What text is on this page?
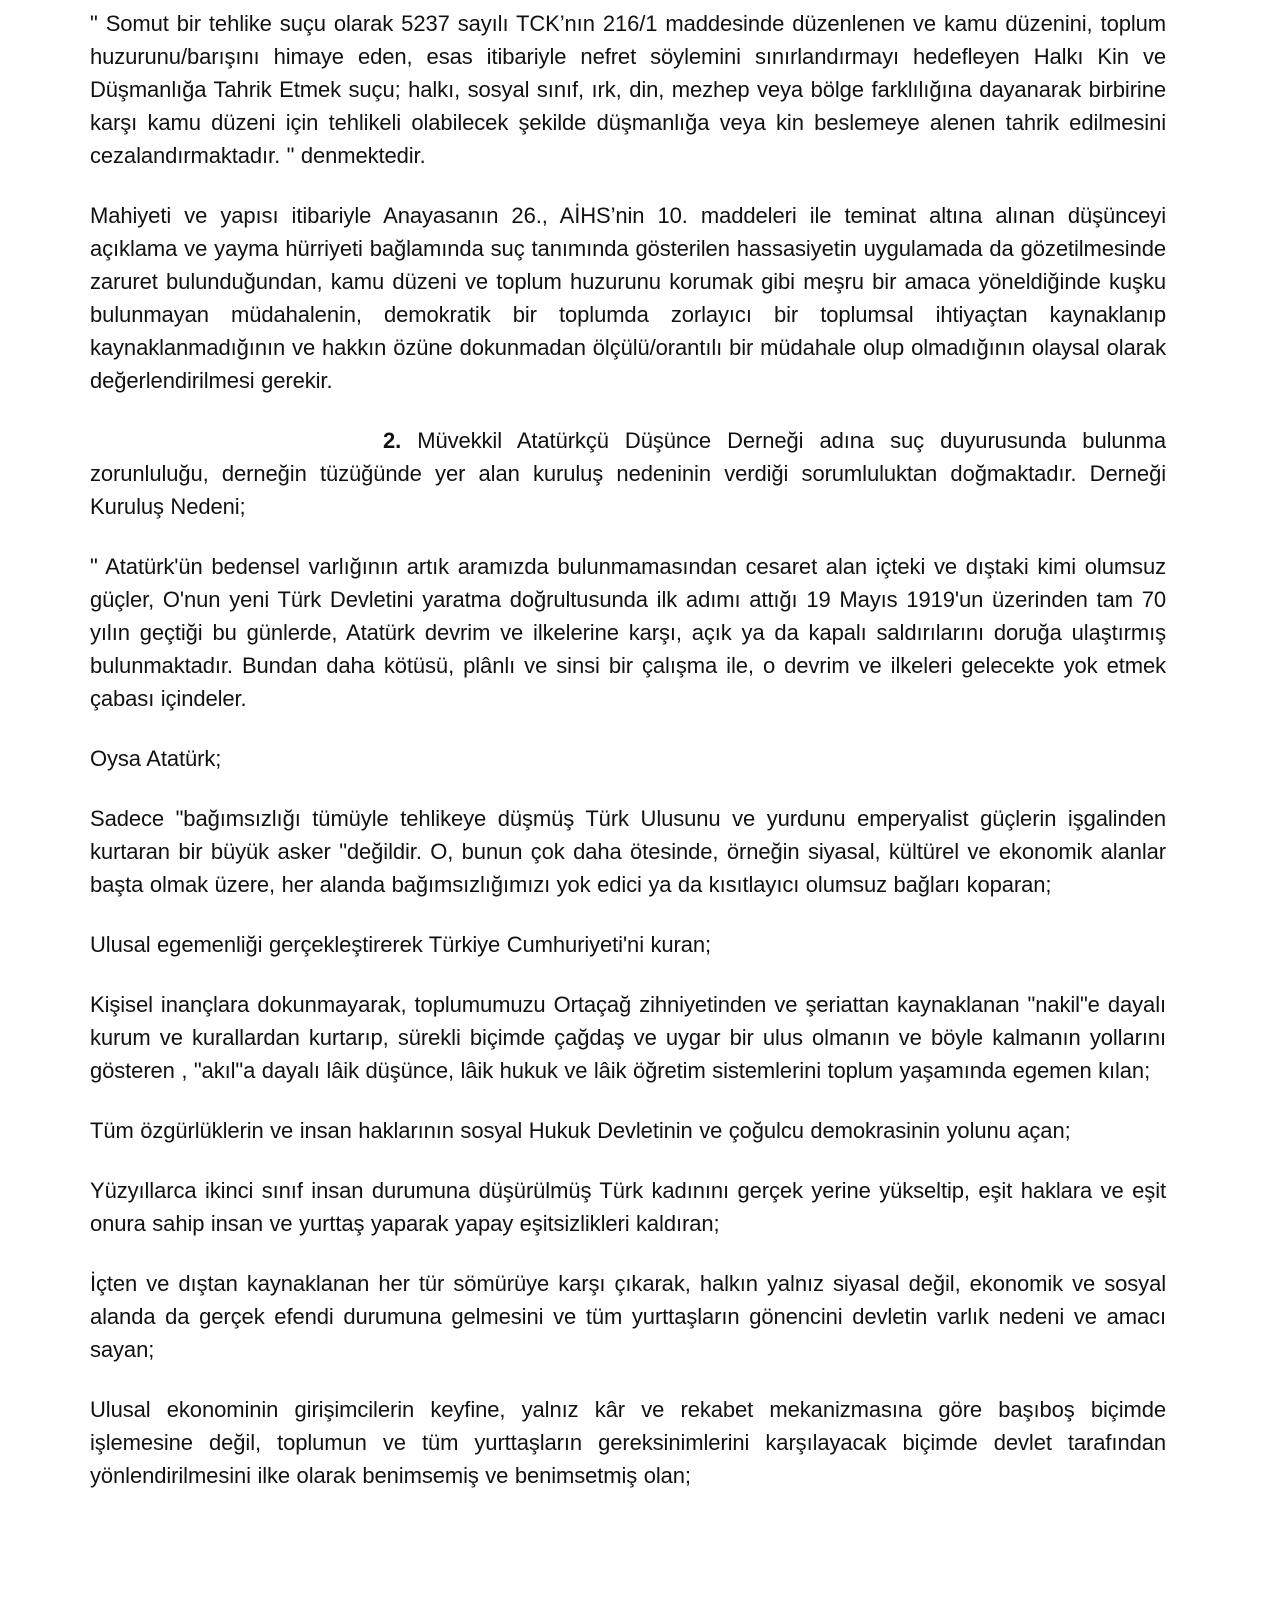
" Somut bir tehlike suçu olarak 5237 sayılı TCK’nın 216/1 maddesinde düzenlenen ve kamu düzenini, toplum huzurunu/barışını himaye eden, esas itibariyle nefret söylemini sınırlandırmayı hedefleyen Halkı Kin ve Düşmanlığa Tahrik Etmek suçu; halkı, sosyal sınıf, ırk, din, mezhep veya bölge farklılığına dayanarak birbirine karşı kamu düzeni için tehlikeli olabilecek şekilde düşmanlığa veya kin beslemeye alenen tahrik edilmesini cezalandırmaktadır. " denmektedir.

Mahiyeti ve yapısı itibariyle Anayasanın 26., AİHS’nin 10. maddeleri ile teminat altına alınan düşünceyi açıklama ve yayma hürriyeti bağlamında suç tanımında gösterilen hassasiyetin uygulamada da gözetilmesinde zaruret bulunduğundan, kamu düzeni ve toplum huzurunu korumak gibi meşru bir amaca yöneldiğinde kuşku bulunmayan müdahalenin, demokratik bir toplumda zorlayıcı bir toplumsal ihtiyaçtan kaynaklanıp kaynaklanmadığının ve hakkın özüne dokunmadan ölçülü/orantılı bir müdahale olup olmadığının olaysal olarak değerlendirilmesi gerekir.

2. Müvekkil Atatürkçü Düşünce Derneği adına suç duyurusunda bulunma zorunluluğu, derneğin tüzüğünde yer alan kuruluş nedeninin verdiği sorumluluktan doğmaktadır. Derneği Kuruluş Nedeni;

" Atatürk'ün bedensel varlığının artık aramızda bulunmamasından cesaret alan içteki ve dıştaki kimi olumsuz güçler, O'nun yeni Türk Devletini yaratma doğrultusunda ilk adımı attığı 19 Mayıs 1919'un üzerinden tam 70 yılın geçtiği bu günlerde, Atatürk devrim ve ilkelerine karşı, açık ya da kapalı saldırılarını doruğa ulaştırmış bulunmaktadır. Bundan daha kötüsü, plânlı ve sinsi bir çalışma ile, o devrim ve ilkeleri gelecekte yok etmek çabası içindeler.

Oysa Atatürk;

Sadece "bağımsızlığı tümüyle tehlikeye düşmüş Türk Ulusunu ve yurdunu emperyalist güçlerin işgalinden kurtaran bir büyük asker "değildir. O, bunun çok daha ötesinde, örneğin siyasal, kültürel ve ekonomik alanlar başta olmak üzere, her alanda bağımsızlığımızı yok edici ya da kısıtlayıcı olumsuz bağları koparan;

Ulusal egemenliği gerçekleştirerek Türkiye Cumhuriyeti'ni kuran;

Kişisel inançlara dokunmayarak, toplumumuzu Ortaçağ zihniyetinden ve şeriattan kaynaklanan "nakil"e dayalı kurum ve kurallardan kurtarıp, sürekli biçimde çağdaş ve uygar bir ulus olmanın ve böyle kalmanın yollarını gösteren , "akıl"a dayalı lâik düşünce, lâik hukuk ve lâik öğretim sistemlerini toplum yaşamında egemen kılan;

Tüm özgürlüklerin ve insan haklarının sosyal Hukuk Devletinin ve çoğulcu demokrasinin yolunu açan;

Yüzyıllarca ikinci sınıf insan durumuna düşürülmüş Türk kadınını gerçek yerine yükseltip, eşit haklara ve eşit onura sahip insan ve yurttaş yaparak yapay eşitsizlikleri kaldıran;

İçten ve dıştan kaynaklanan her tür sömürüye karşı çıkarak, halkın yalnız siyasal değil, ekonomik ve sosyal alanda da gerçek efendi durumuna gelmesini ve tüm yurttaşların gönencini devletin varlık nedeni ve amacı sayan;

Ulusal ekonominin girişimcilerin keyfine, yalnız kâr ve rekabet mekanizmasına göre başıboş biçimde işlemesine değil, toplumun ve tüm yurttaşların gereksinimlerini karşılayacak biçimde devlet tarafından yönlendirilmesini ilke olarak benimsemiş ve benimsetmiş olan;
